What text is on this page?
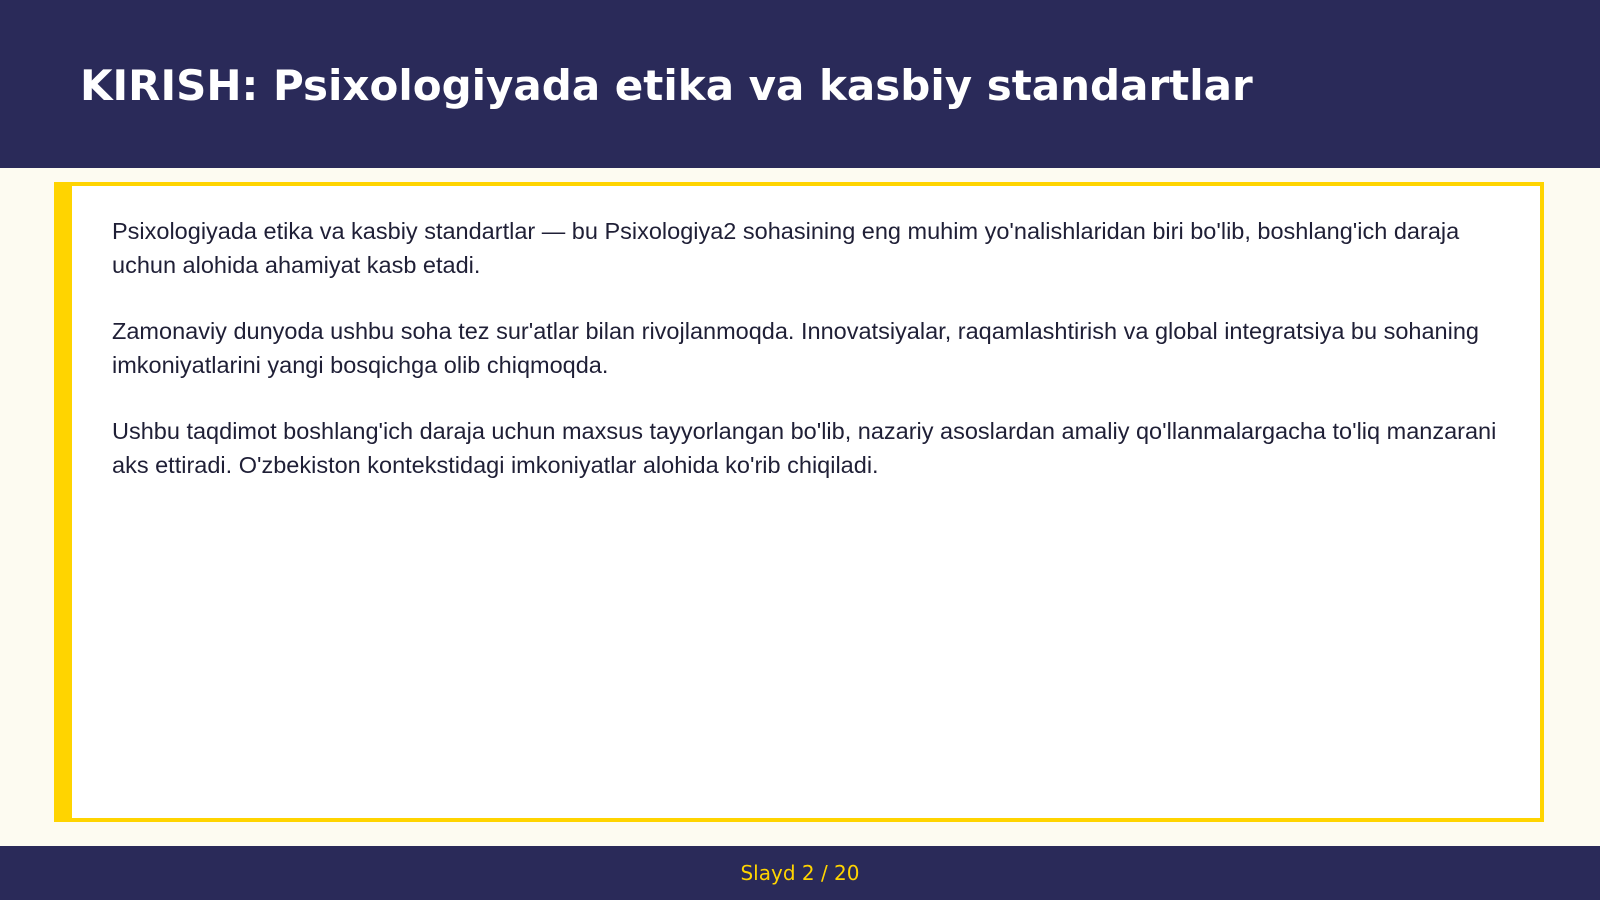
KIRISH: Psixologiyada etika va kasbiy standartlar

Psixologiyada etika va kasbiy standartlar — bu Psixologiya2 sohasining eng muhim yo'nalishlaridan biri bo'lib, boshlang'ich daraja uchun alohida ahamiyat kasb etadi.

Zamonaviy dunyoda ushbu soha tez sur'atlar bilan rivojlanmoqda. Innovatsiyalar, raqamlashtirish va global integratsiya bu sohaning imkoniyatlarini yangi bosqichga olib chiqmoqda.

Ushbu taqdimot boshlang'ich daraja uchun maxsus tayyorlangan bo'lib, nazariy asoslardan amaliy qo'llanmalargacha to'liq manzarani aks ettiradi. O'zbekiston kontekstidagi imkoniyatlar alohida ko'rib chiqiladi.

Slayd 2 / 20
